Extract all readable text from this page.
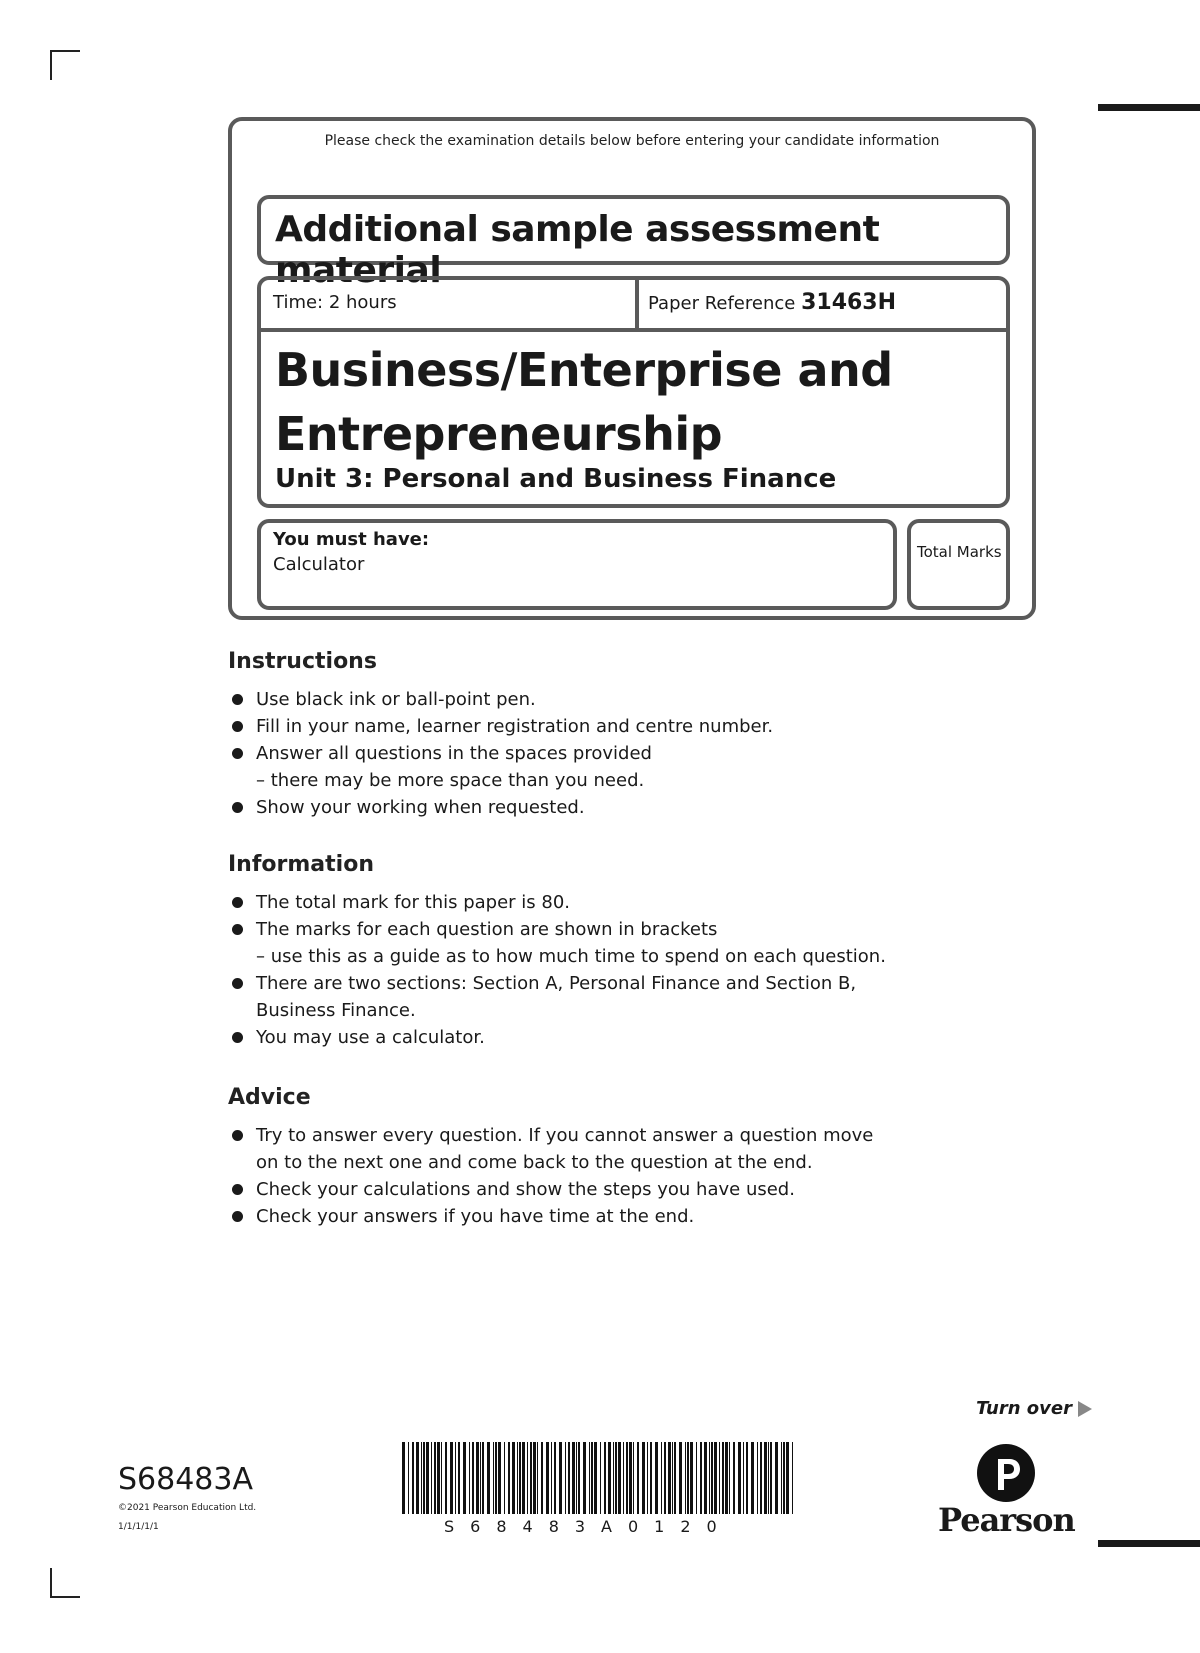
Please check the examination details below before entering your candidate information
Additional sample assessment material
Time: 2 hours	Paper Reference 31463H
Business/Enterprise and
Entrepreneurship
Unit 3: Personal and Business Finance
You must have:
Calculator
Total Marks
Instructions
Use black ink or ball-point pen.
Fill in your name, learner registration and centre number.
Answer all questions in the spaces provided
– there may be more space than you need.
Show your working when requested.
Information
The total mark for this paper is 80.
The marks for each question are shown in brackets
– use this as a guide as to how much time to spend on each question.
There are two sections: Section A, Personal Finance and Section B,
Business Finance.
You may use a calculator.
Advice
Try to answer every question. If you cannot answer a question move
on to the next one and come back to the question at the end.
Check your calculations and show the steps you have used.
Check your answers if you have time at the end.
Turn over
S68483A
©2021 Pearson Education Ltd.
1/1/1/1/1	S68483A0120	Pearson
